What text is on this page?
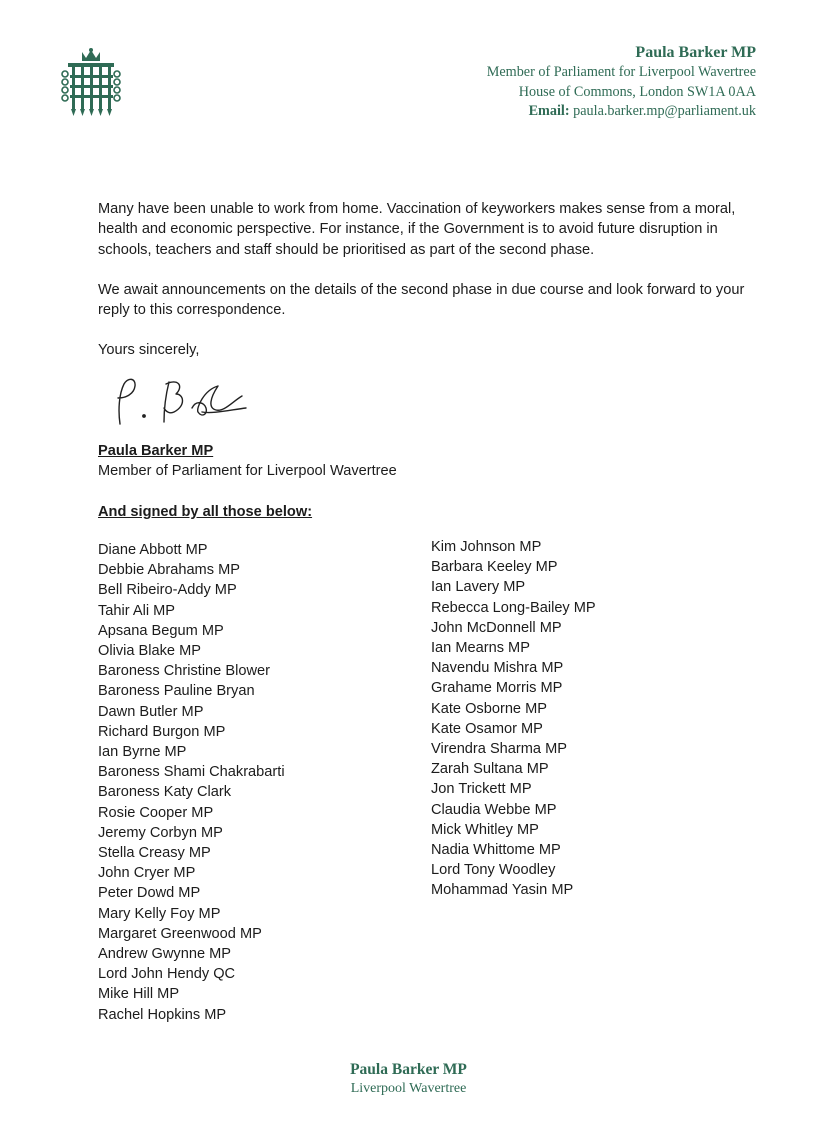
Paula Barker MP
Member of Parliament for Liverpool Wavertree
House of Commons, London SW1A 0AA
Email: paula.barker.mp@parliament.uk

Many have been unable to work from home. Vaccination of keyworkers makes sense from a moral, health and economic perspective. For instance, if the Government is to avoid future disruption in schools, teachers and staff should be prioritised as part of the second phase.

We await announcements on the details of the second phase in due course and look forward to your reply to this correspondence.

Yours sincerely,
Paula Barker MP
Member of Parliament for Liverpool Wavertree
And signed by all those below:
Diane Abbott MP
Debbie Abrahams MP
Bell Ribeiro-Addy MP
Tahir Ali MP
Apsana Begum MP
Olivia Blake MP
Baroness Christine Blower
Baroness Pauline Bryan
Dawn Butler MP
Richard Burgon MP
Ian Byrne MP
Baroness Shami Chakrabarti
Baroness Katy Clark
Rosie Cooper MP
Jeremy Corbyn MP
Stella Creasy MP
John Cryer MP
Peter Dowd MP
Mary Kelly Foy MP
Margaret Greenwood MP
Andrew Gwynne MP
Lord John Hendy QC
Mike Hill MP
Rachel Hopkins MP
Kim Johnson MP
Barbara Keeley MP
Ian Lavery MP
Rebecca Long-Bailey MP
John McDonnell MP
Ian Mearns MP
Navendu Mishra MP
Grahame Morris MP
Kate Osborne MP
Kate Osamor MP
Virendra Sharma MP
Zarah Sultana MP
Jon Trickett MP
Claudia Webbe MP
Mick Whitley MP
Nadia Whittome MP
Lord Tony Woodley
Mohammad Yasin MP
Paula Barker MP
Liverpool Wavertree
